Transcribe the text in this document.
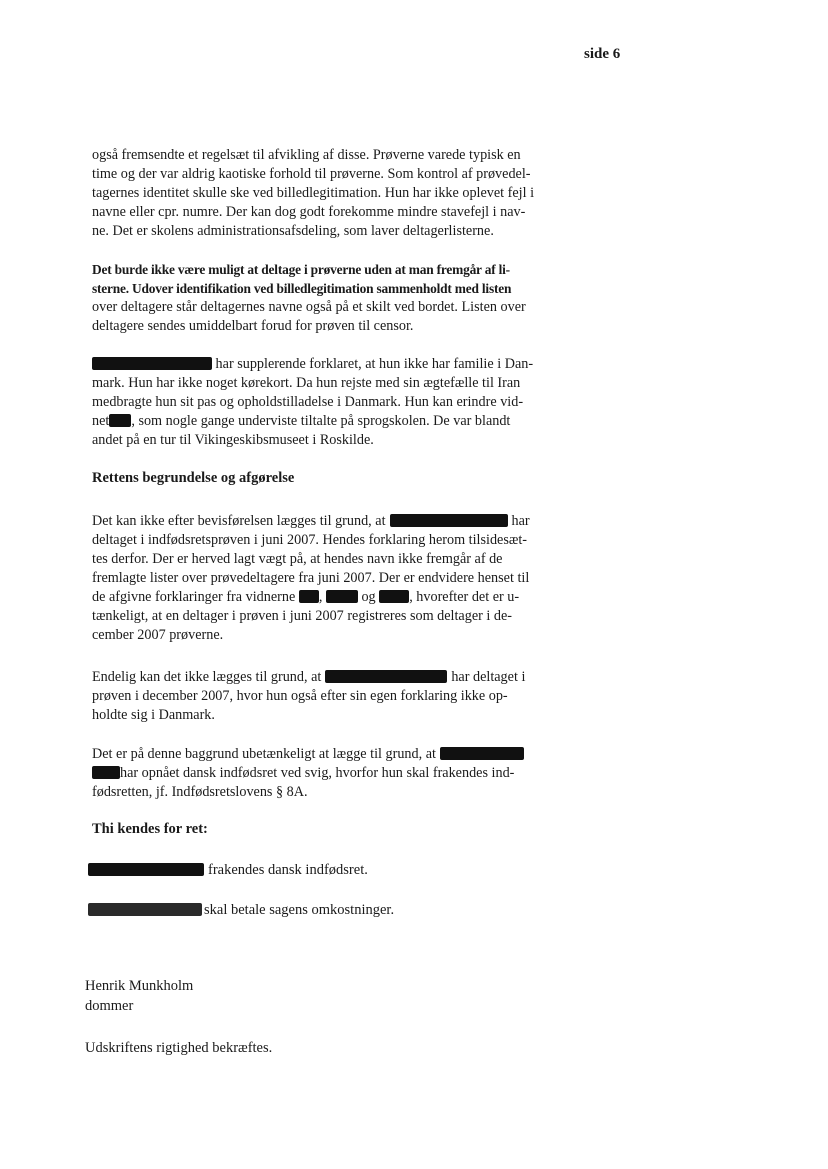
side 6

også fremsendte et regelsæt til afvikling af disse. Prøverne varede typisk en
time og der var aldrig kaotiske forhold til prøverne. Som kontrol af prøvedel-
tagernes identitet skulle ske ved billedlegitimation. Hun har ikke oplevet fejl i
navne eller cpr. numre. Der kan dog godt forekomme mindre stavefejl i nav-
ne. Det er skolens administrationsafsdeling, som laver deltagerlisterne.

Det burde ikke være muligt at deltage i prøverne uden at man fremgår af li-
sterne. Udover identifikation ved billedlegitimation sammenholdt med listen
over deltagere står deltagernes navne også på et skilt ved bordet. Listen over
deltagere sendes umiddelbart forud for prøven til censor.

har supplerende forklaret, at hun ikke har familie i Dan-
mark. Hun har ikke noget kørekort. Da hun rejste med sin ægtefælle til Iran
medbragte hun sit pas og opholdstilladelse i Danmark. Hun kan erindre vid-
net , som nogle gange underviste tiltalte på sprogskolen. De var blandt
andet på en tur til Vikingeskibsmuseet i Roskilde.

Rettens begrundelse og afgørelse

Det kan ikke efter bevisførelsen lægges til grund, at	har
deltaget i indfødsretsprøven i juni 2007. Hendes forklaring herom tilsidesæt-
tes derfor. Der er herved lagt vægt på, at hendes navn ikke fremgår af de
fremlagte lister over prøvedeltagere fra juni 2007. Der er endvidere henset til
de afgivne forklaringer fra vidnerne ,	og , hvorefter det er u-
tænkeligt, at en deltager i prøven i juni 2007 registreres som deltager i de-
cember 2007 prøverne.

Endelig kan det ikke lægges til grund, at	har deltaget i
prøven i december 2007, hvor hun også efter sin egen forklaring ikke op-
holdte sig i Danmark.

Det er på denne baggrund ubetænkeligt at lægge til grund, at
har opnået dansk indfødsret ved svig, hvorfor hun skal frakendes ind-
fødsretten, jf. Indfødsretslovens § 8A.

Thi kendes for ret:
frakendes dansk indfødsret.
skal betale sagens omkostninger.
Henrik Munkholm
dommer
Udskriftens rigtighed bekræftes.
